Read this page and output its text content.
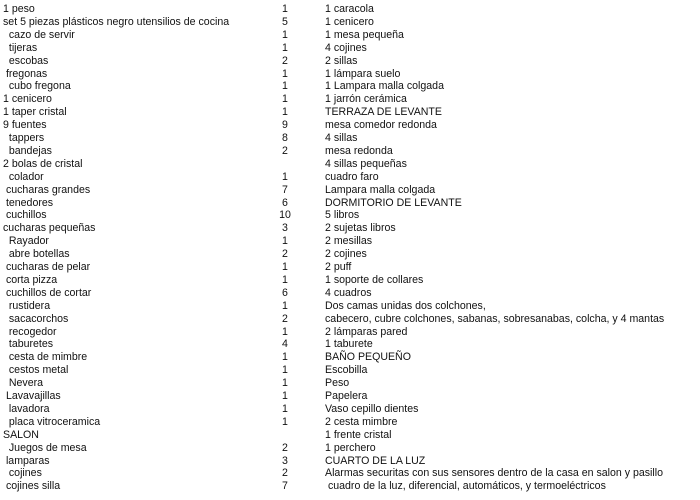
1 peso
set 5 piezas plásticos negro utensilios de cocina
cazo de servir
tijeras
escobas
fregonas
cubo fregona
1 cenicero
1 taper cristal
9 fuentes
tappers
bandejas
2 bolas de cristal
colador
cucharas grandes
tenedores
cuchillos
cucharas pequeñas
Rayador
abre botellas
cucharas de pelar
corta pizza
cuchillos de cortar
rustidera
sacacorchos
recogedor
taburetes
cesta de mimbre
cestos metal
Nevera
Lavavajillas
lavadora
placa vitroceramica
SALON
Juegos de mesa
lamparas
cojines
cojines silla
1
5
1
1
2
1
1
1
1
9
8
2
1
7
6
10
3
1
2
1
1
6
1
2
1
4
1
1
1
1
1
1
2
3
2
7
1 caracola
1 cenicero
1 mesa pequeña
4 cojines
2 sillas
1 lámpara suelo
1 Lampara malla colgada
1 jarrón cerámica
TERRAZA DE LEVANTE
mesa comedor redonda
4 sillas
mesa redonda
4 sillas pequeñas
cuadro faro
Lampara malla colgada
DORMITORIO DE LEVANTE
5 libros
2 sujetas libros
2 mesillas
2 cojines
2 puff
1 soporte de collares
4 cuadros
Dos camas unidas dos colchones,
cabecero, cubre colchones, sabanas, sobresanabas, colcha, y 4 mantas
2 lámparas pared
1 taburete
BAÑO PEQUEÑO
Escobilla
Peso
Papelera
Vaso cepillo dientes
2 cesta mimbre
1 frente cristal
1 perchero
CUARTO DE LA LUZ
Alarmas securitas con sus sensores dentro de la casa en salon y pasillo
cuadro de la luz, diferencial, automáticos, y termoeléctricos
